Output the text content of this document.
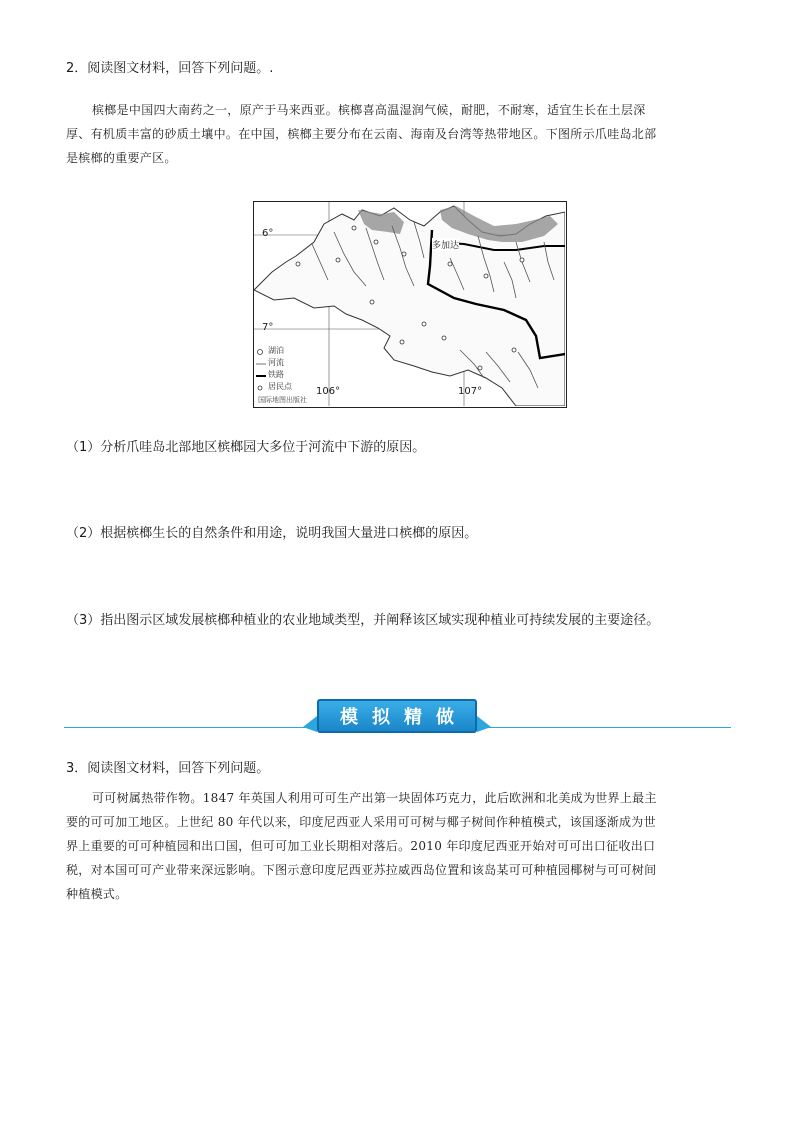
2．阅读图文材料，回答下列问题。.
槟榔是中国四大南药之一，原产于马来西亚。槟榔喜高温湿润气候，耐肥，不耐寒，适宜生长在土层深
厚、有机质丰富的砂质土壤中。在中国，槟榔主要分布在云南、海南及台湾等热带地区。下图所示爪哇岛北部
是槟榔的重要产区。
6°
7°
106°	107°
多加达
湖泊
河流
铁路
居民点
国际地图出版社
（1）分析爪哇岛北部地区槟榔园大多位于河流中下游的原因。
（2）根据槟榔生长的自然条件和用途，说明我国大量进口槟榔的原因。
（3）指出图示区域发展槟榔种植业的农业地域类型，并阐释该区域实现种植业可持续发展的主要途径。
模拟精做
3．阅读图文材料，回答下列问题。
可可树属热带作物。1847 年英国人利用可可生产出第一块固体巧克力，此后欧洲和北美成为世界上最主
要的可可加工地区。上世纪 80 年代以来，印度尼西亚人采用可可树与椰子树间作种植模式，该国逐渐成为世
界上重要的可可种植园和出口国，但可可加工业长期相对落后。2010 年印度尼西亚开始对可可出口征收出口
税，对本国可可产业带来深远影响。下图示意印度尼西亚苏拉威西岛位置和该岛某可可种植园椰树与可可树间
种植模式。
